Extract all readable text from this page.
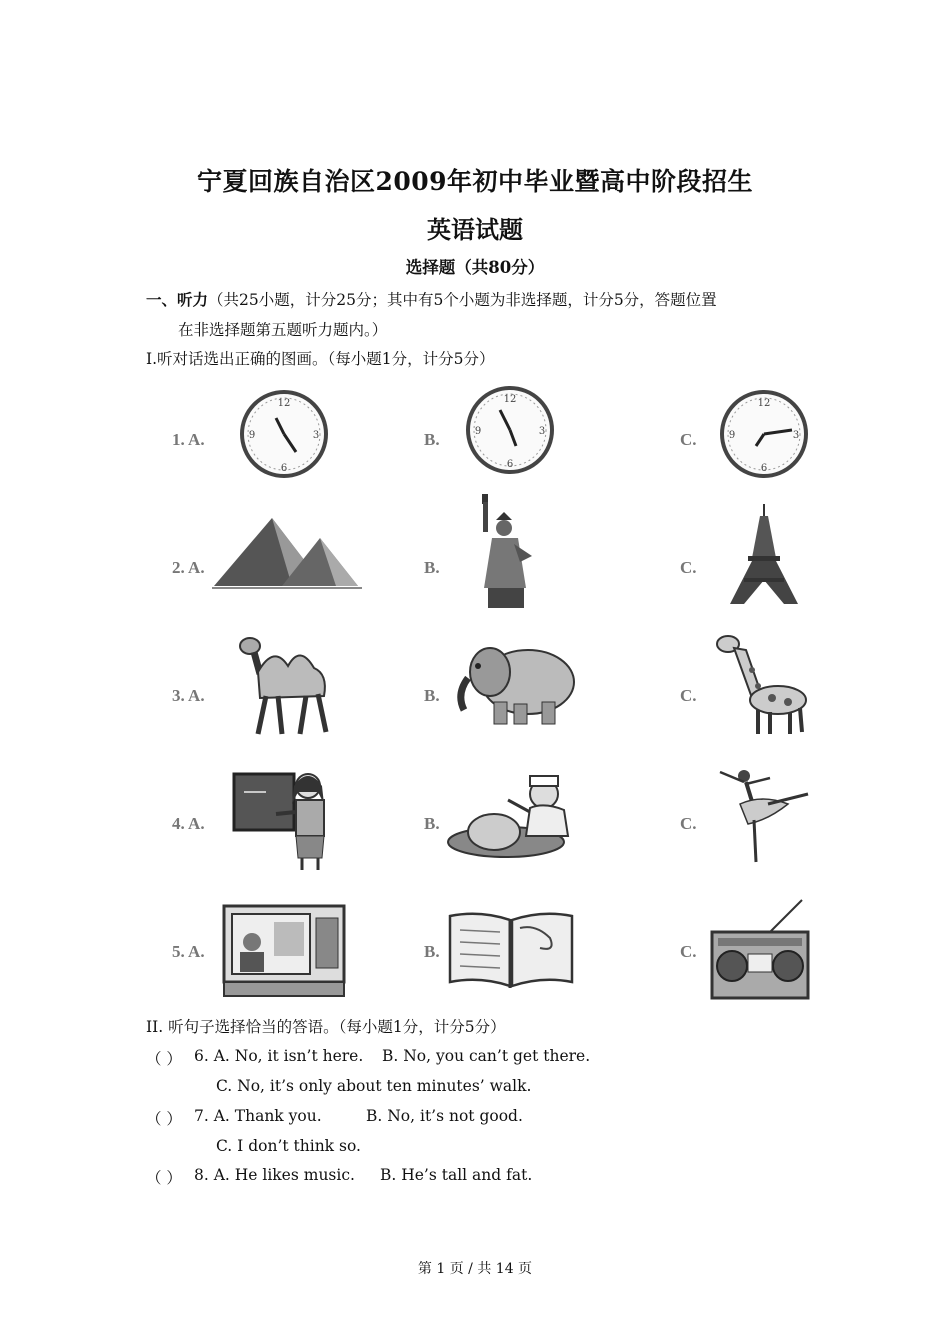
宁夏回族自治区2009年初中毕业暨高中阶段招生
英语试题
选择题（共80分）
一、听力（共25小题，计分25分；其中有5个小题为非选择题，计分5分，答题位置
在非选择题第五题听力题内。）
Ⅰ.听对话选出正确的图画。（每小题1分，计分5分）
1. A.	B.	C.
12
3
6
9
12
3
6
9
12
3
6
9
2. A.	B.	C.
3. A.	B.	C.
4. A.	B.	C.
5. A.	B.	C.
II. 听句子选择恰当的答语。（每小题1分，计分5分）
（ ） 6. A. No, it isn’t here. B. No, you can’t get there.
C. No, it’s only about ten minutes’ walk.
（ ） 7. A. Thank you.	B. No, it’s not good.
C. I don’t think so.
（ ） 8. A. He likes music. B. He’s tall and fat.
第 1 页 / 共 14 页
